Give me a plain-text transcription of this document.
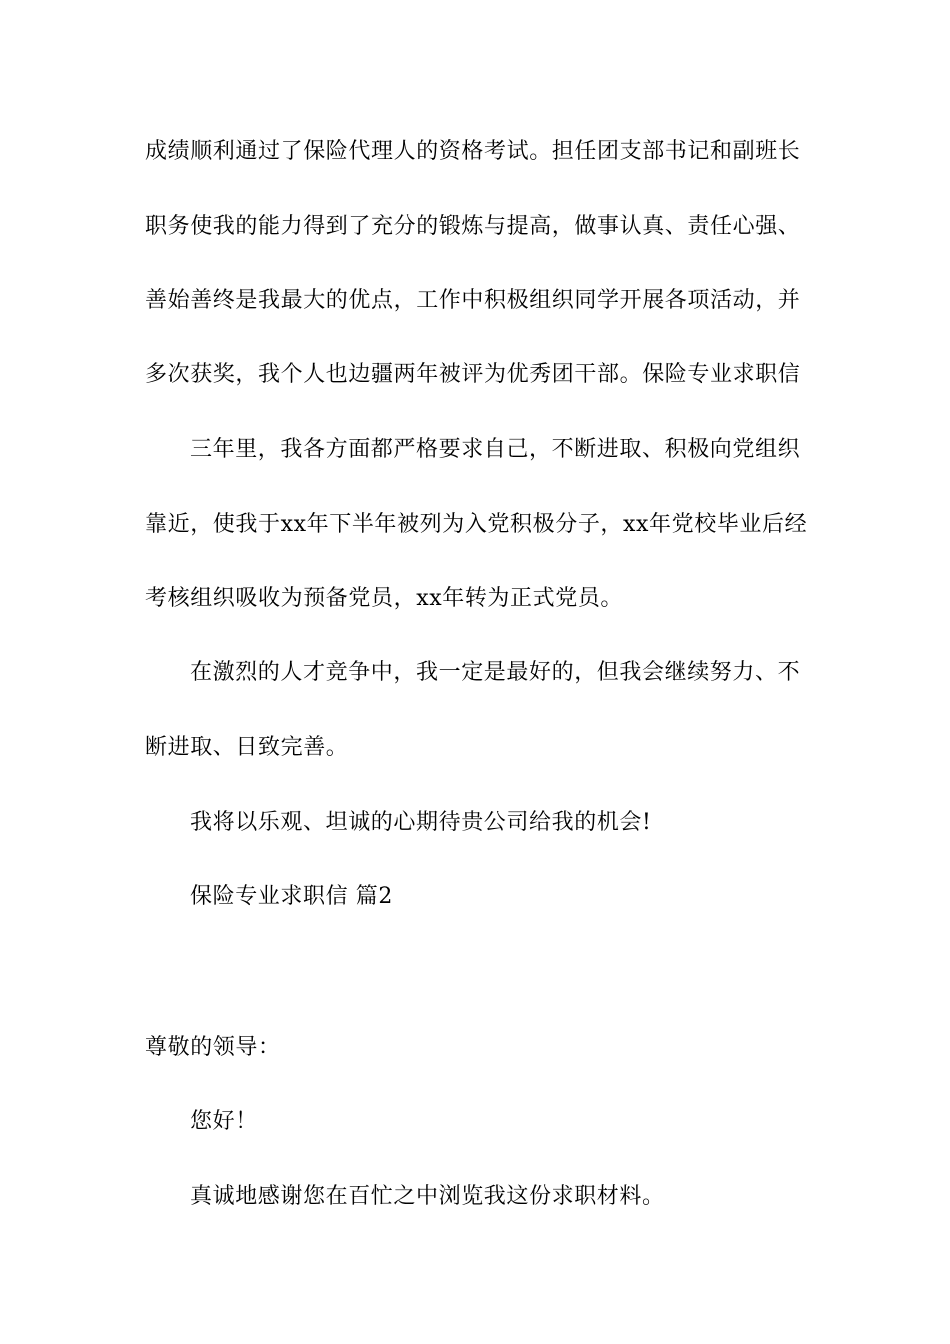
成绩顺利通过了保险代理人的资格考试。担任团支部书记和副班长
职务使我的能力得到了充分的锻炼与提高，做事认真、责任心强、
善始善终是我最大的优点，工作中积极组织同学开展各项活动，并
多次获奖，我个人也边疆两年被评为优秀团干部。保险专业求职信
三年里，我各方面都严格要求自己，不断进取、积极向党组织
靠近，使我于xx年下半年被列为入党积极分子，xx年党校毕业后经
考核组织吸收为预备党员，xx年转为正式党员。
在激烈的人才竞争中，我一定是最好的，但我会继续努力、不
断进取、日致完善。
我将以乐观、坦诚的心期待贵公司给我的机会!
保险专业求职信 篇2
尊敬的领导：
您好！
真诚地感谢您在百忙之中浏览我这份求职材料。
